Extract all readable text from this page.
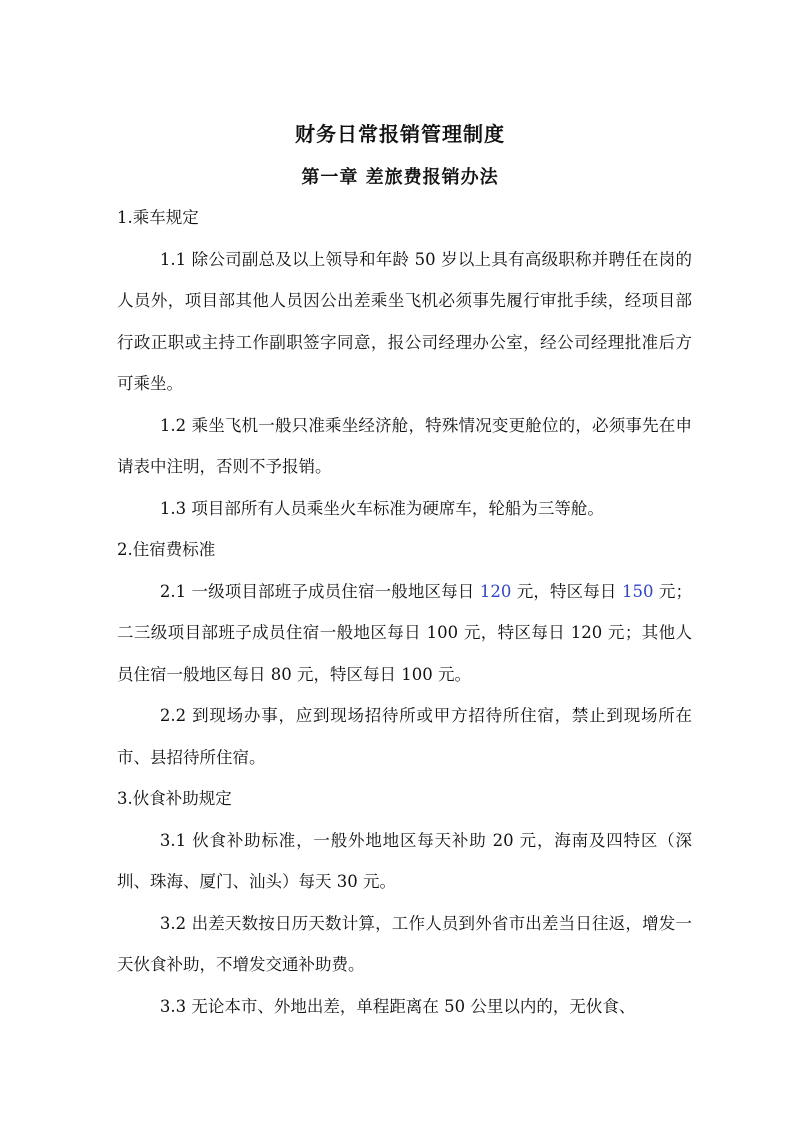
财务日常报销管理制度
第一章 差旅费报销办法

1.乘车规定

1.1 除公司副总及以上领导和年龄 50 岁以上具有高级职称并聘任在岗的人员外，项目部其他人员因公出差乘坐飞机必须事先履行审批手续，经项目部行政正职或主持工作副职签字同意，报公司经理办公室，经公司经理批准后方可乘坐。

1.2 乘坐飞机一般只准乘坐经济舱，特殊情况变更舱位的，必须事先在申请表中注明，否则不予报销。

1.3 项目部所有人员乘坐火车标准为硬席车，轮船为三等舱。

2.住宿费标准

2.1 一级项目部班子成员住宿一般地区每日 120 元，特区每日 150 元；二三级项目部班子成员住宿一般地区每日 100 元，特区每日 120 元；其他人员住宿一般地区每日 80 元，特区每日 100 元。

2.2 到现场办事，应到现场招待所或甲方招待所住宿，禁止到现场所在市、县招待所住宿。

3.伙食补助规定

3.1 伙食补助标准，一般外地地区每天补助 20 元，海南及四特区（深圳、珠海、厦门、汕头）每天 30 元。

3.2 出差天数按日历天数计算，工作人员到外省市出差当日往返，增发一天伙食补助，不增发交通补助费。

3.3 无论本市、外地出差，单程距离在 50 公里以内的，无伙食、
